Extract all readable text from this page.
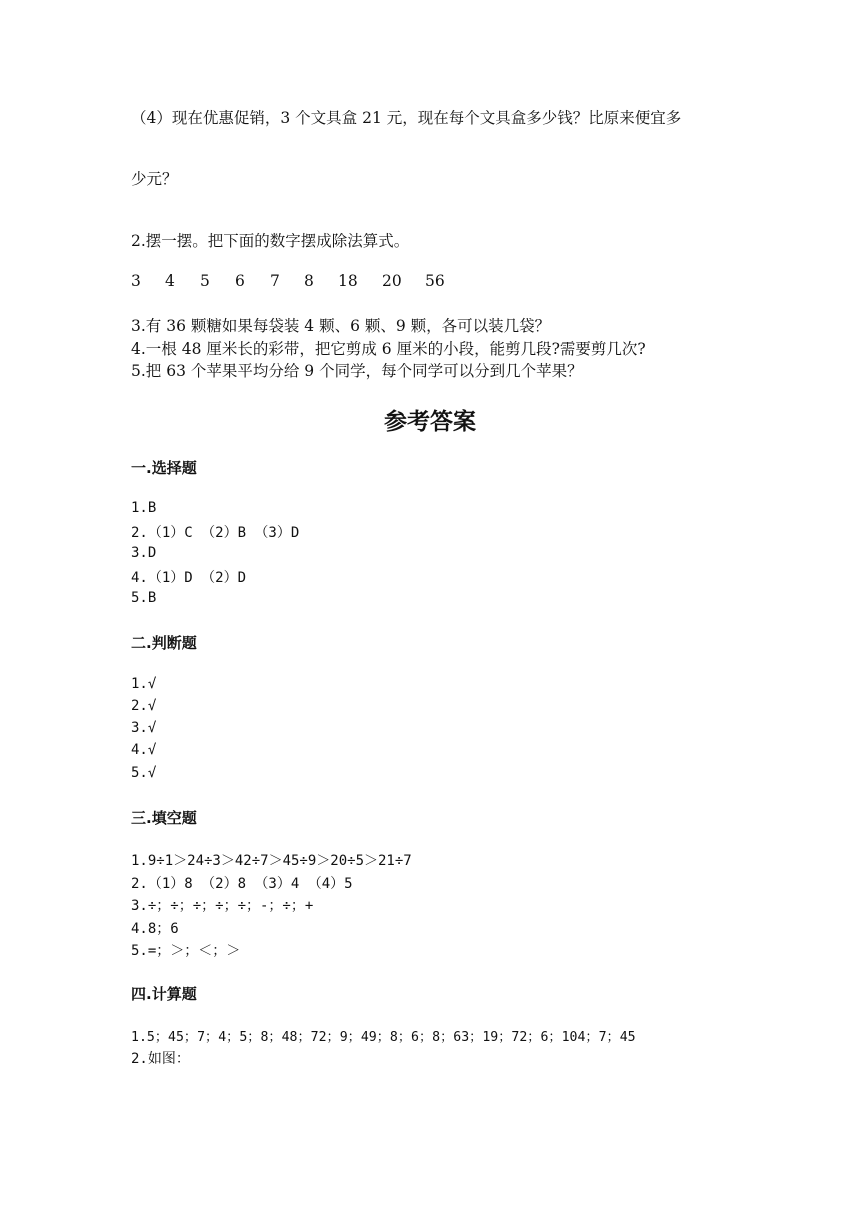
（4）现在优惠促销，3 个文具盒 21 元，现在每个文具盒多少钱？比原来便宜多
少元？
2.摆一摆。把下面的数字摆成除法算式。
3 4 5 6 7 8 18 20 56
3.有 36 颗糖如果每袋装 4 颗、6 颗、9 颗，各可以装几袋？
4.一根 48 厘米长的彩带，把它剪成 6 厘米的小段，能剪几段?需要剪几次?
5.把 63 个苹果平均分给 9 个同学，每个同学可以分到几个苹果？
参考答案
一.选择题
1.B
2.（1）C （2）B （3）D
3.D
4.（1）D （2）D
5.B
二.判断题
1.√
2.√
3.√
4.√
5.√
三.填空题
1.9÷1＞24÷3＞42÷7＞45÷9＞20÷5＞21÷7
2.（1）8 （2）8 （3）4 （4）5
3.÷；÷；÷；÷；÷；-；÷；+
4.8；6
5.=；＞；＜；＞
四.计算题
1.5；45；7；4；5；8；48；72；9；49；8；6；8；63；19；72；6；104；7；45
2.如图：
